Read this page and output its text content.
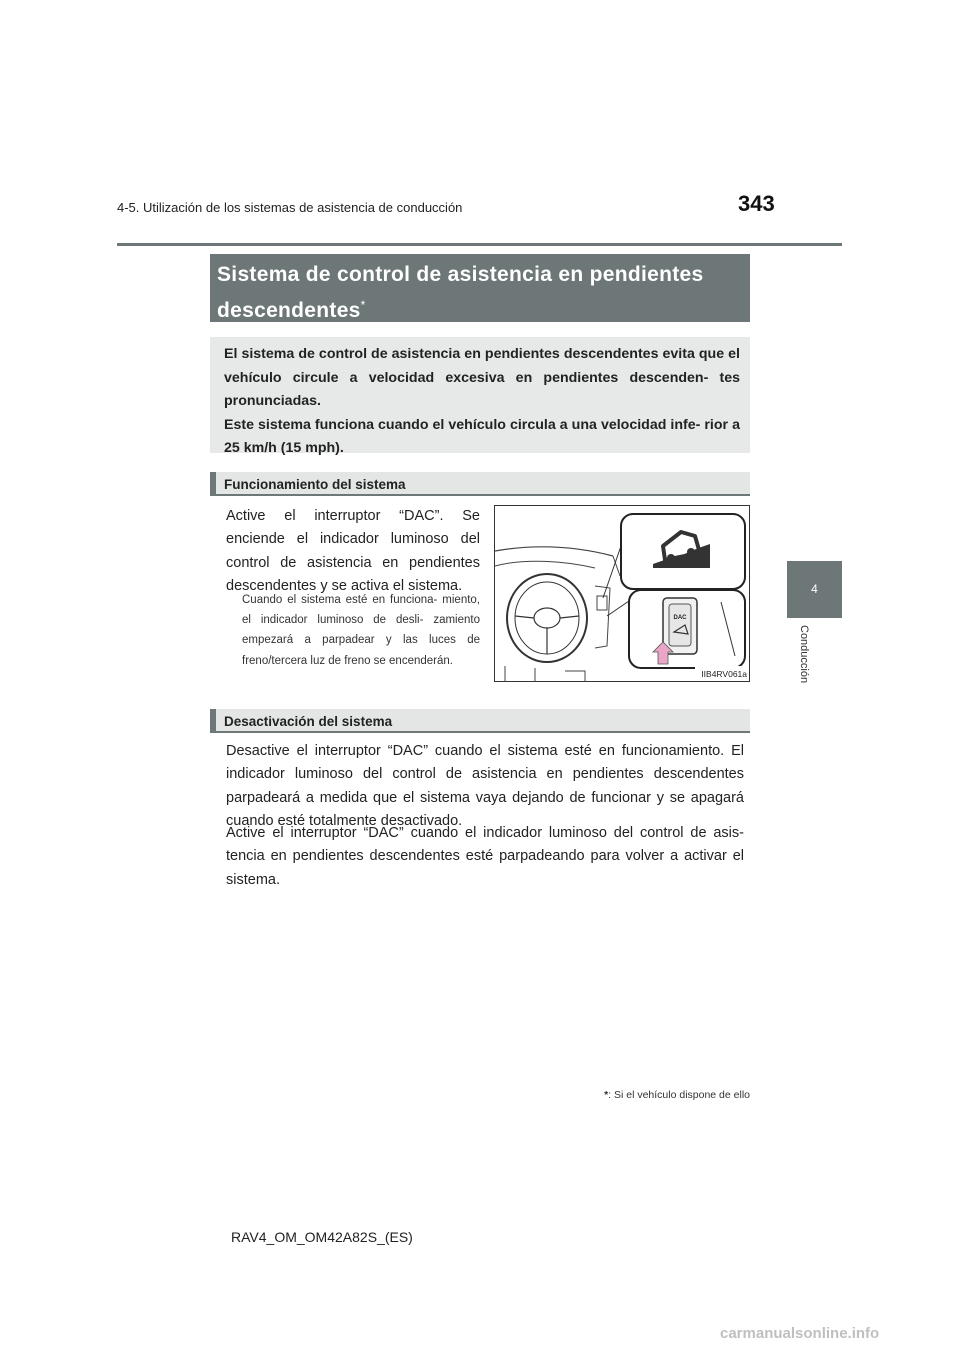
4-5. Utilización de los sistemas de asistencia de conducción	343
4
Conducción
Sistema de control de asistencia en pendientes descendentes*
El sistema de control de asistencia en pendientes descendentes evita que el vehículo circule a velocidad excesiva en pendientes descenden- tes pronunciadas.
Este sistema funciona cuando el vehículo circula a una velocidad infe- rior a 25 km/h (15 mph).
Funcionamiento del sistema
Active el interruptor “DAC”. Se enciende el indicador luminoso del control de asistencia en pendientes descendentes y se activa el sistema.
Cuando el sistema esté en funciona- miento, el indicador luminoso de desli- zamiento empezará a parpadear y las luces de freno/tercera luz de freno se encenderán.
DAC
IIB4RV061a
Desactivación del sistema
Desactive el interruptor “DAC” cuando el sistema esté en funcionamiento. El indicador luminoso del control de asistencia en pendientes descendentes parpadeará a medida que el sistema vaya dejando de funcionar y se apagará cuando esté totalmente desactivado.
Active el interruptor “DAC” cuando el indicador luminoso del control de asis- tencia en pendientes descendentes esté parpadeando para volver a activar el sistema.
*: Si el vehículo dispone de ello
RAV4_OM_OM42A82S_(ES)
carmanualsonline.info
